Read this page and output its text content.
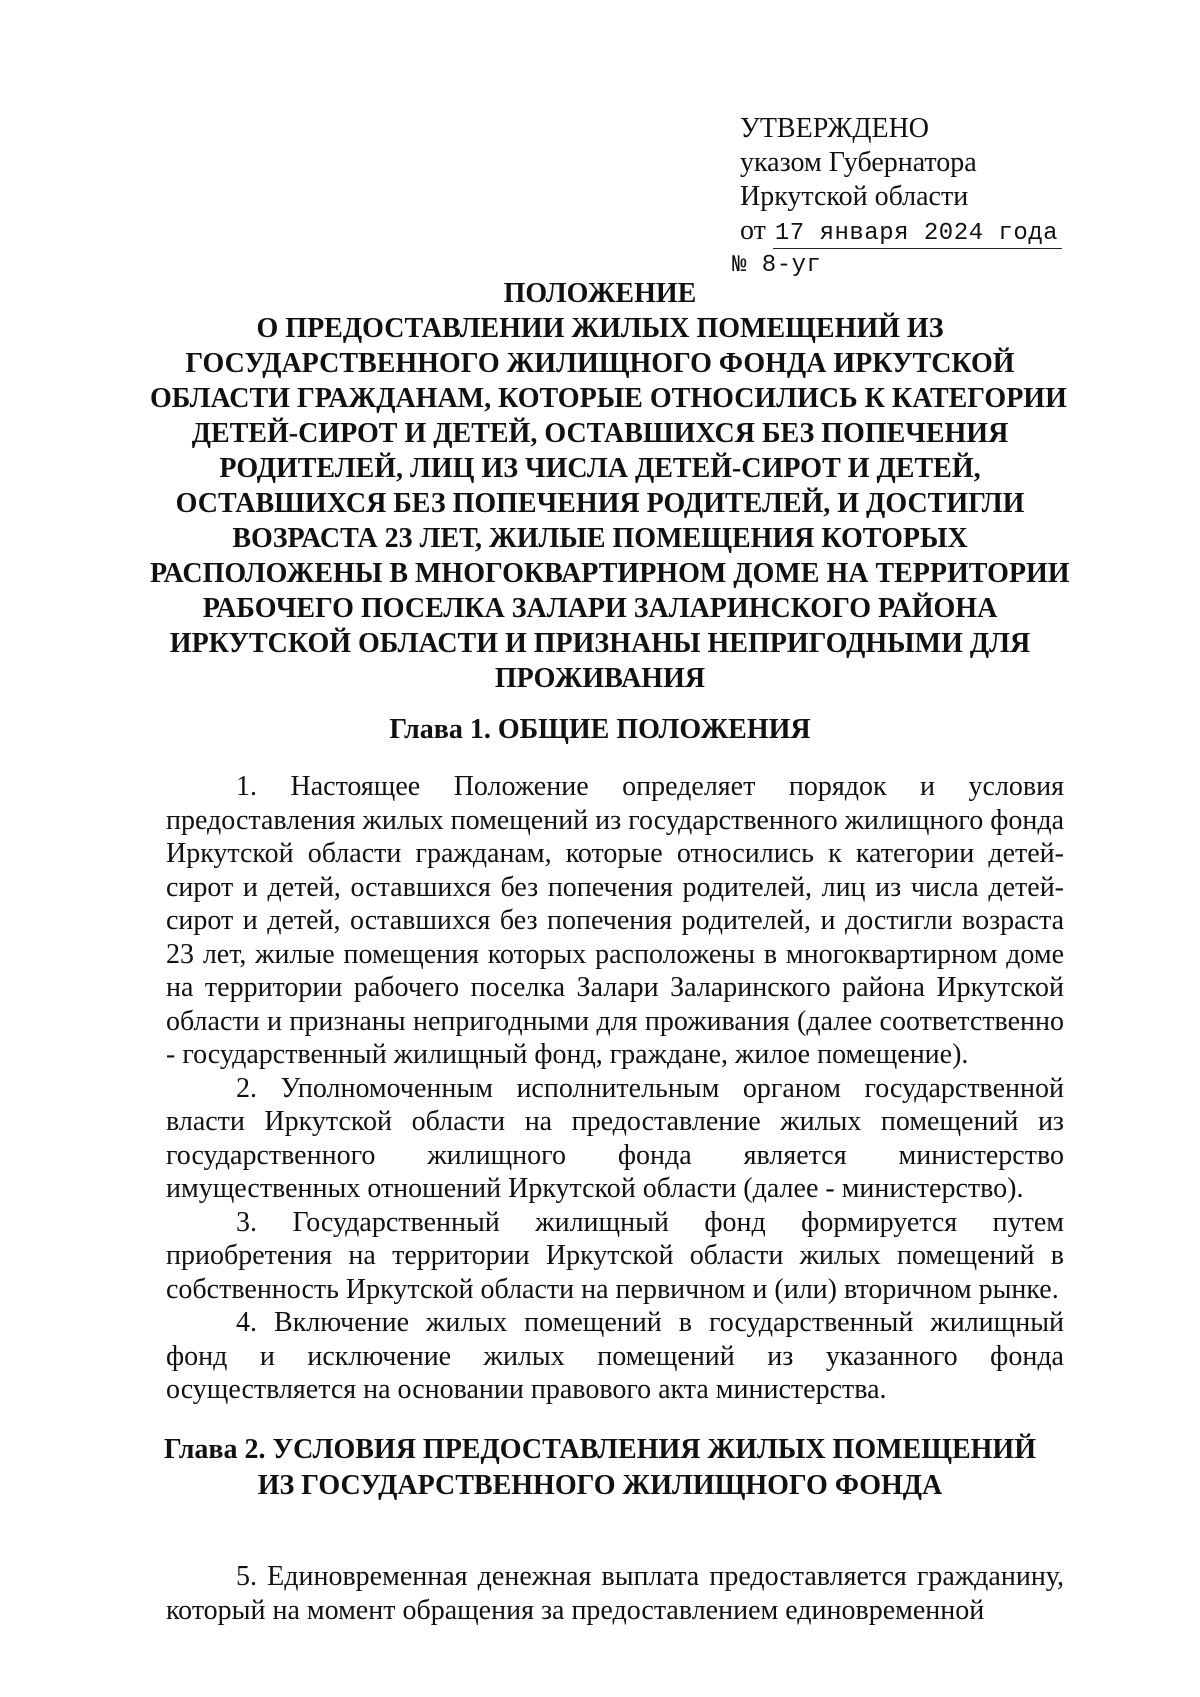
УТВЕРЖДЕНО
указом Губернатора
Иркутской области
от 17 января 2024 года
№ 8-уг
ПОЛОЖЕНИЕ
О ПРЕДОСТАВЛЕНИИ ЖИЛЫХ ПОМЕЩЕНИЙ ИЗ
ГОСУДАРСТВЕННОГО ЖИЛИЩНОГО ФОНДА ИРКУТСКОЙ
ОБЛАСТИ ГРАЖДАНАМ, КОТОРЫЕ ОТНОСИЛИСЬ К КАТЕГОРИИ
ДЕТЕЙ-СИРОТ И ДЕТЕЙ, ОСТАВШИХСЯ БЕЗ ПОПЕЧЕНИЯ
РОДИТЕЛЕЙ, ЛИЦ ИЗ ЧИСЛА ДЕТЕЙ-СИРОТ И ДЕТЕЙ,
ОСТАВШИХСЯ БЕЗ ПОПЕЧЕНИЯ РОДИТЕЛЕЙ, И ДОСТИГЛИ
ВОЗРАСТА 23 ЛЕТ, ЖИЛЫЕ ПОМЕЩЕНИЯ КОТОРЫХ
РАСПОЛОЖЕНЫ В МНОГОКВАРТИРНОМ ДОМЕ НА ТЕРРИТОРИИ
РАБОЧЕГО ПОСЕЛКА ЗАЛАРИ ЗАЛАРИНСКОГО РАЙОНА
ИРКУТСКОЙ ОБЛАСТИ И ПРИЗНАНЫ НЕПРИГОДНЫМИ ДЛЯ
ПРОЖИВАНИЯ
Глава 1. ОБЩИЕ ПОЛОЖЕНИЯ

1. Настоящее Положение определяет порядок и условия предоставления жилых помещений из государственного жилищного фонда Иркутской области гражданам, которые относились к категории детей-сирот и детей, оставшихся без попечения родителей, лиц из числа детей-сирот и детей, оставшихся без попечения родителей, и достигли возраста 23 лет, жилые помещения которых расположены в многоквартирном доме на территории рабочего поселка Залари Заларинского района Иркутской области и признаны непригодными для проживания (далее соответственно - государственный жилищный фонд, граждане, жилое помещение).

2. Уполномоченным исполнительным органом государственной власти Иркутской области на предоставление жилых помещений из государственного жилищного фонда является министерство имущественных отношений Иркутской области (далее - министерство).

3. Государственный жилищный фонд формируется путем приобретения на территории Иркутской области жилых помещений в собственность Иркутской области на первичном и (или) вторичном рынке.

4. Включение жилых помещений в государственный жилищный фонд и исключение жилых помещений из указанного фонда осуществляется на основании правового акта министерства.

Глава 2. УСЛОВИЯ ПРЕДОСТАВЛЕНИЯ ЖИЛЫХ ПОМЕЩЕНИЙ
ИЗ ГОСУДАРСТВЕННОГО ЖИЛИЩНОГО ФОНДА

5. Единовременная денежная выплата предоставляется гражданину, который на момент обращения за предоставлением единовременной
